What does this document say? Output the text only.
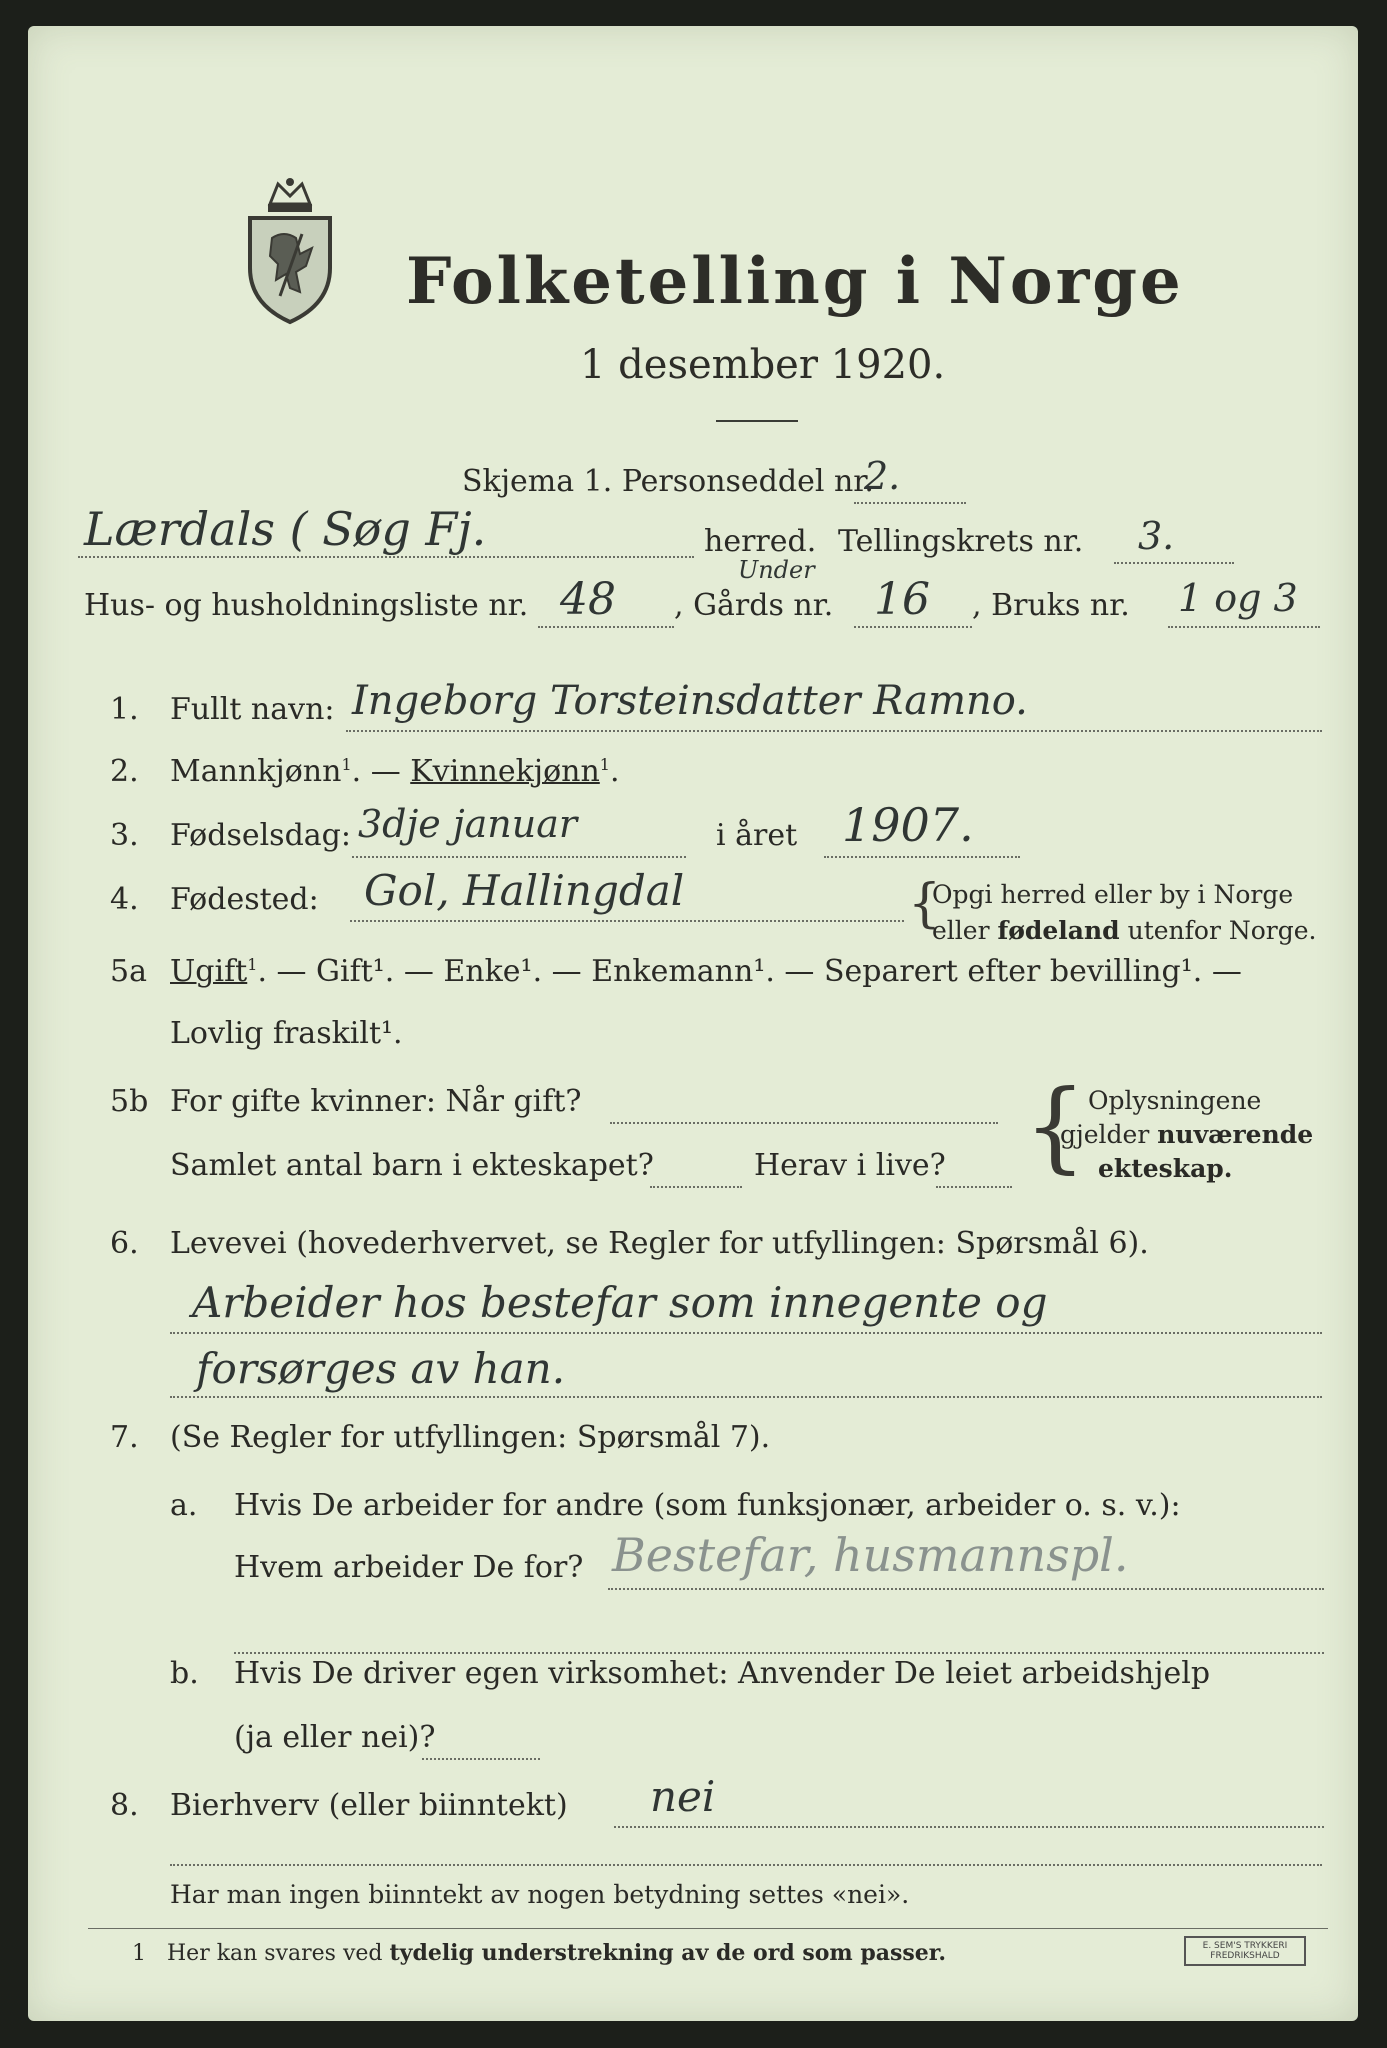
Folketelling i Norge
1 desember 1920.
Skjema 1. Personseddel nr.
2.
Lærdals ( Søg Fj.	herred. Tellingskrets nr. 3.
Hus- og husholdningsliste nr. 48 , Gårds nr.
Under
16 , Bruks nr. 1 og 3
1. Fullt navn: Ingeborg Torsteinsdatter Ramno.
2. Mannkjønn$^1$. — Kvinnekjønn$^1$.
3. Fødselsdag: 3dje januar	i året 1907.
4. Fødested: Gol, Hallingdal	{
Opgi herred eller by i Norge
eller fødeland utenfor Norge.
5a Ugift$^1$. — Gift¹. — Enke¹. — Enkemann¹. — Separert efter bevilling¹. —
Lovlig fraskilt¹.
5b For gifte kvinner: Når gift?
Samlet antal barn i ekteskapet?	Herav i live? { Oplysningene
gjelder nuværende
ekteskap.
6. Levevei (hovederhvervet, se Regler for utfyllingen: Spørsmål 6).
Arbeider hos bestefar som innegente og
forsørges av han.
7. (Se Regler for utfyllingen: Spørsmål 7).
a. Hvis De arbeider for andre (som funksjonær, arbeider o. s. v.):
Hvem arbeider De for? Bestefar, husmannspl.
b. Hvis De driver egen virksomhet: Anvender De leiet arbeidshjelp
(ja eller nei)?
8. Bierhverv (eller biinntekt) nei
Har man ingen biinntekt av nogen betydning settes «nei».
1 Her kan svares ved tydelig understrekning av de ord som passer.	E. SEM'S TRYKKERI FREDRIKSHALD
